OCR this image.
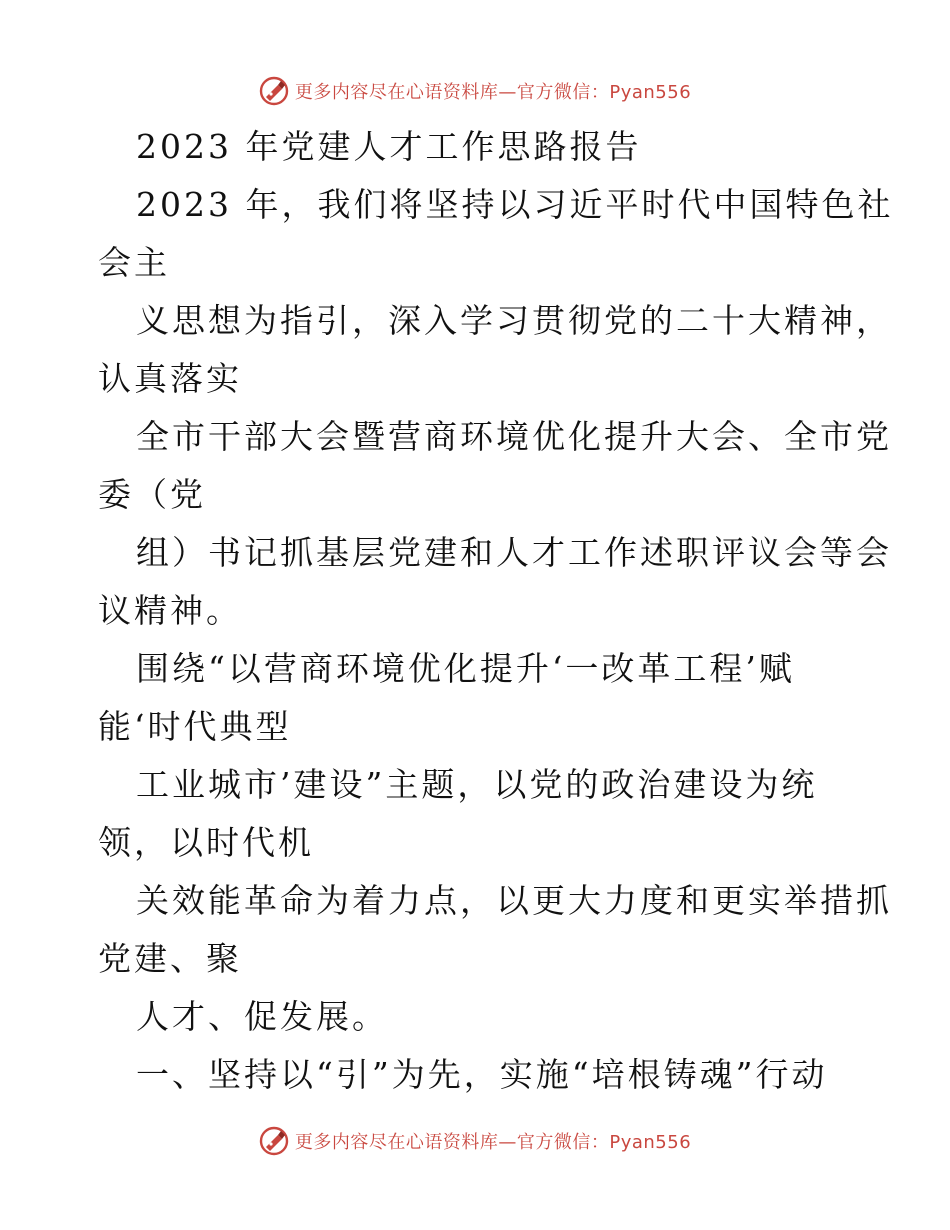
更多内容尽在心语资料库—官方微信：Pyan556
2023 年党建人才工作思路报告
2023 年，我们将坚持以习近平时代中国特色社
会主
义思想为指引，深入学习贯彻党的二十大精神，
认真落实
全市干部大会暨营商环境优化提升大会、全市党
委（党
组）书记抓基层党建和人才工作述职评议会等会
议精神。
围绕“以营商环境优化提升‘一改革工程’赋
能‘时代典型
工业城市’建设”主题，以党的政治建设为统
领，以时代机
关效能革命为着力点，以更大力度和更实举措抓
党建、聚
人才、促发展。
一、坚持以“引”为先，实施“培根铸魂”行动
更多内容尽在心语资料库—官方微信：Pyan556
